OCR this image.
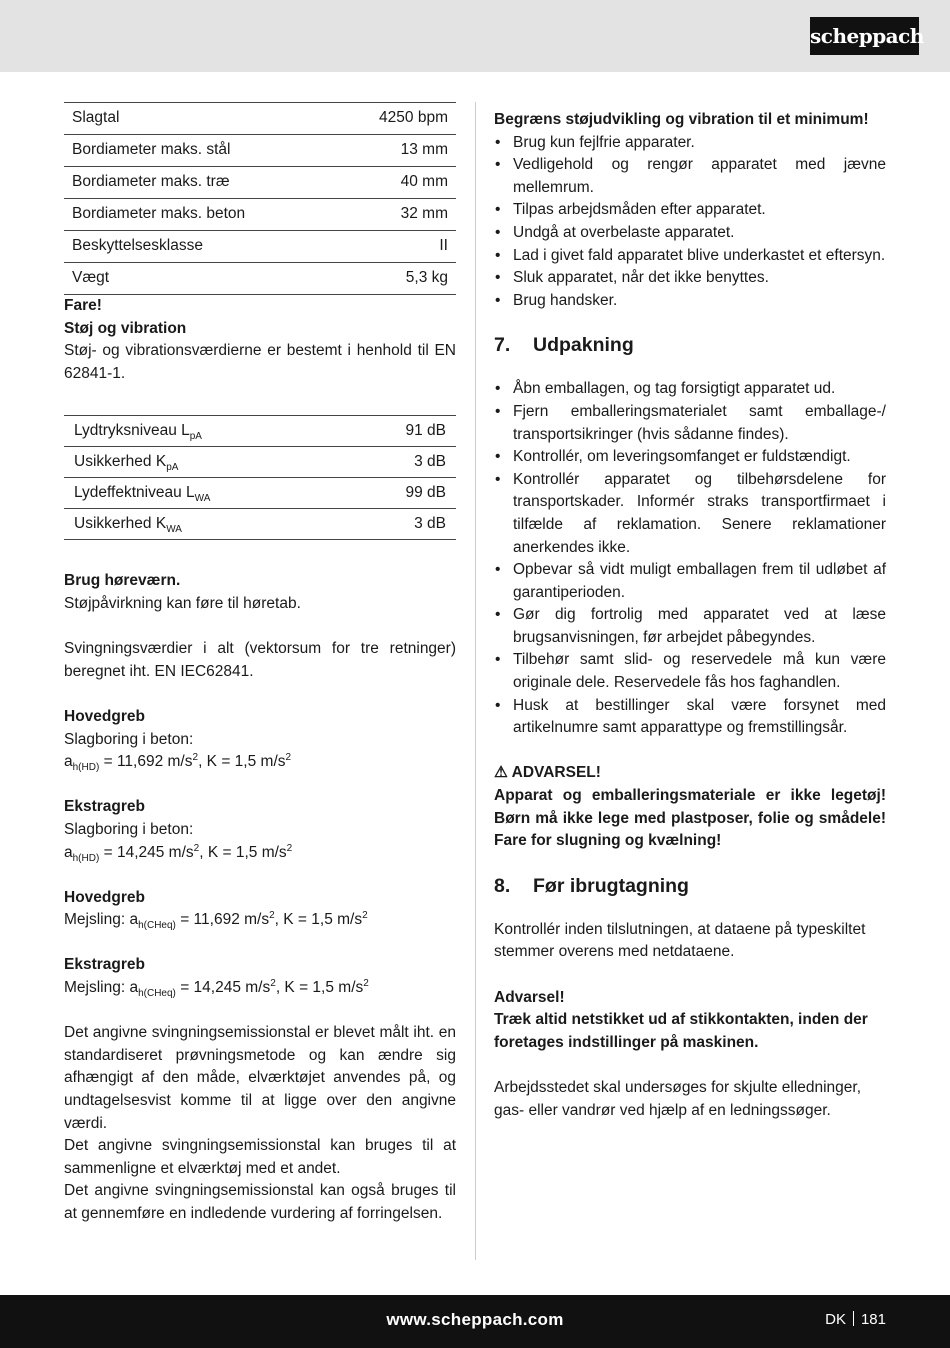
scheppach
Slagtal	4250 bpm
Bordiameter maks. stål	13 mm
Bordiameter maks. træ	40 mm
Bordiameter maks. beton	32 mm
Beskyttelsesklasse	II
Vægt	5,3 kg

Fare!

Støj og vibration

Støj- og vibrationsværdierne er bestemt i henhold til EN 62841-1.

Lydtryksniveau $L_{pA}$	91 dB
Usikkerhed $K_{pA}$	3 dB
Lydeffektniveau $L_{WA}$	99 dB
Usikkerhed $K_{WA}$	3 dB

Brug høreværn.

Støjpåvirkning kan føre til høretab.

Svingningsværdier i alt (vektorsum for tre retninger) beregnet iht. EN IEC62841.

Hovedgreb

Slagboring i beton:

$a_{h(HD)} = 11,692$ $m/s^2$, K = 1,5 $m/s^2$

Ekstragreb

Slagboring i beton:

$a_{h(HD)} = 14,245$ $m/s^2$, K = 1,5 $m/s^2$

Hovedgreb

Mejsling: $a_{h(CHeq)} = 11,692$ $m/s^2$, K = 1,5 $m/s^2$

Ekstragreb

Mejsling: $a_{h(CHeq)} = 14,245$ $m/s^2$, K = 1,5 $m/s^2$

Det angivne svingningsemissionstal er blevet målt iht. en standardiseret prøvningsmetode og kan ændre sig afhængigt af den måde, elværktøjet anvendes på, og undtagelsesvist komme til at ligge over den angivne værdi.

Det angivne svingningsemissionstal kan bruges til at sammenligne et elværktøj med et andet.

Det angivne svingningsemissionstal kan også bruges til at gennemføre en indledende vurdering af forringelsen.

Begræns støjudvikling og vibration til et minimum!

• Brug kun fejlfrie apparater.
• Vedligehold og rengør apparatet med jævne mellemrum.
• Tilpas arbejdsmåden efter apparatet.
• Undgå at overbelaste apparatet.
• Lad i givet fald apparatet blive underkastet et eftersyn.
• Sluk apparatet, når det ikke benyttes.
• Brug handsker.
7. Udpakning
• Åbn emballagen, og tag forsigtigt apparatet ud.
• Fjern emballeringsmaterialet samt emballage-/ transportsikringer (hvis sådanne findes).
• Kontrollér, om leveringsomfanget er fuldstændigt.
• Kontrollér apparatet og tilbehørsdelene for transportskader. Informér straks transportfirmaet i tilfælde af reklamation. Senere reklamationer anerkendes ikke.
• Opbevar så vidt muligt emballagen frem til udløbet af garantiperioden.
• Gør dig fortrolig med apparatet ved at læse brugsanvisningen, før arbejdet påbegyndes.
• Tilbehør samt slid- og reservedele må kun være originale dele. Reservedele fås hos faghandlen.
• Husk at bestillinger skal være forsynet med artikelnumre samt apparattype og fremstillingsår.

⚠ ADVARSEL!

Apparat og emballeringsmateriale er ikke legetøj! Børn må ikke lege med plastposer, folie og smådele! Fare for slugning og kvælning!

8. Før ibrugtagning

Kontrollér inden tilslutningen, at dataene på typeskiltet stemmer overens med netdataene.

Advarsel!

Træk altid netstikket ud af stikkontakten, inden der foretages indstillinger på maskinen.

Arbejdsstedet skal undersøges for skjulte elledninger, gas- eller vandrør ved hjælp af en ledningssøger.

www.scheppach.com	DK 181
